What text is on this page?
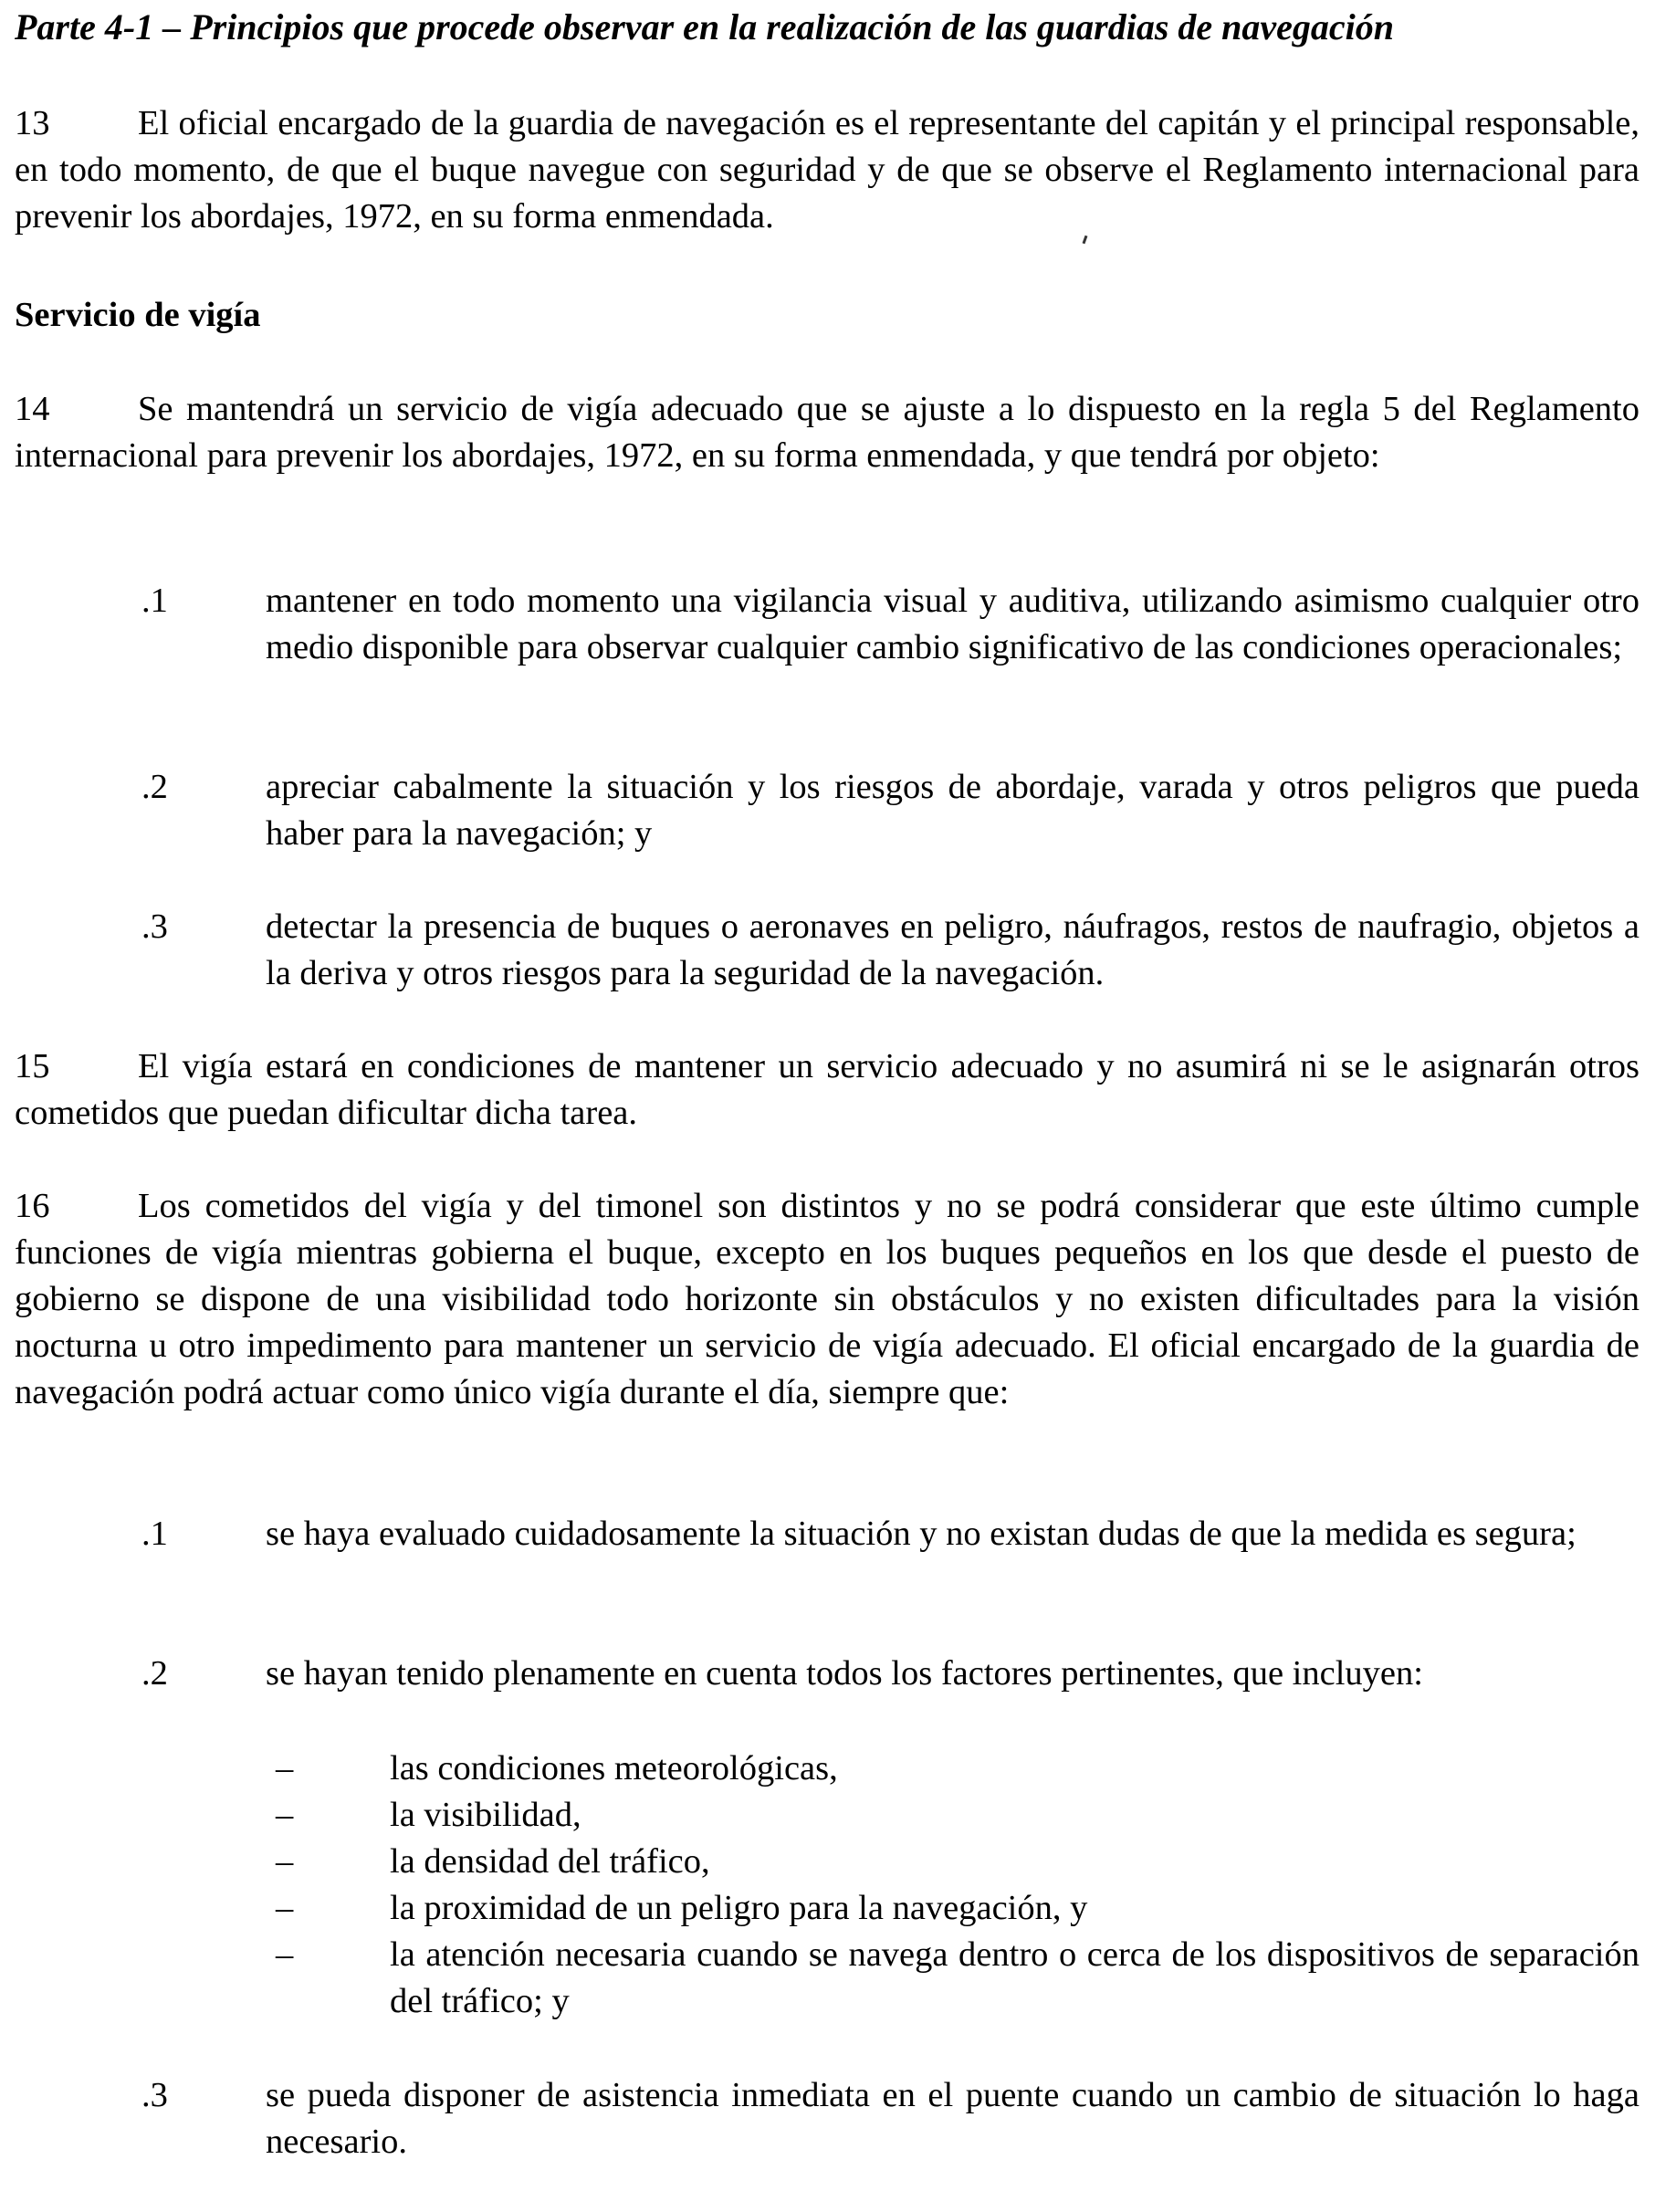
Parte 4-1 – Principios que procede observar en la realización de las guardias de navegación
13	El oficial encargado de la guardia de navegación es el representante del capitán y el principal responsable, en todo momento, de que el buque navegue con seguridad y de que se observe el Reglamento internacional para prevenir los abordajes, 1972, en su forma enmendada.
Servicio de vigía
14	Se mantendrá un servicio de vigía adecuado que se ajuste a lo dispuesto en la regla 5 del Reglamento internacional para prevenir los abordajes, 1972, en su forma enmendada, y que tendrá por objeto:
.1	mantener en todo momento una vigilancia visual y auditiva, utilizando asimismo cualquier otro medio disponible para observar cualquier cambio significativo de las condiciones operacionales;
.2	apreciar cabalmente la situación y los riesgos de abordaje, varada y otros peligros que pueda haber para la navegación; y
.3	detectar la presencia de buques o aeronaves en peligro, náufragos, restos de naufragio, objetos a la deriva y otros riesgos para la seguridad de la navegación.
15	El vigía estará en condiciones de mantener un servicio adecuado y no asumirá ni se le asignarán otros cometidos que puedan dificultar dicha tarea.
16	Los cometidos del vigía y del timonel son distintos y no se podrá considerar que este último cumple funciones de vigía mientras gobierna el buque, excepto en los buques pequeños en los que desde el puesto de gobierno se dispone de una visibilidad todo horizonte sin obstáculos y no existen dificultades para la visión nocturna u otro impedimento para mantener un servicio de vigía adecuado. El oficial encargado de la guardia de navegación podrá actuar como único vigía durante el día, siempre que:
.1	se haya evaluado cuidadosamente la situación y no existan dudas de que la medida es segura;
.2	se hayan tenido plenamente en cuenta todos los factores pertinentes, que incluyen:
–	las condiciones meteorológicas,
–	la visibilidad,
–	la densidad del tráfico,
–	la proximidad de un peligro para la navegación, y
–	la atención necesaria cuando se navega dentro o cerca de los dispositivos de separación del tráfico; y
.3	se pueda disponer de asistencia inmediata en el puente cuando un cambio de situación lo haga necesario.
